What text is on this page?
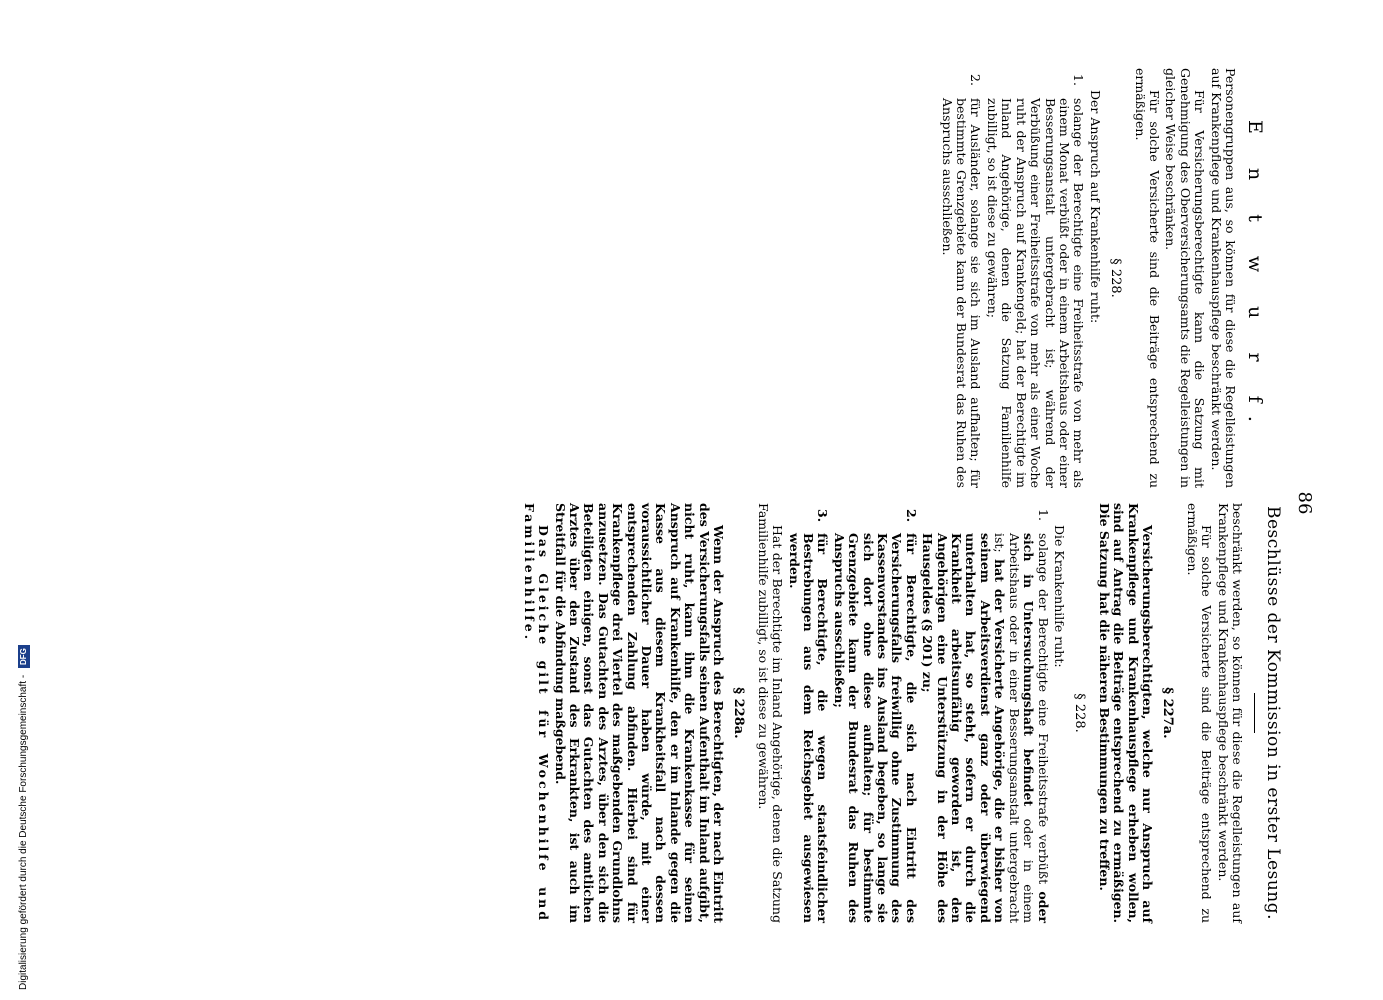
86
E n t w u r f.

Personengruppen aus, so können für diese die Regelleistungen auf Krankenpflege und Krankenhauspflege beschränkt werden.

Für Versicherungsberechtigte kann die Satzung mit Genehmigung des Oberversicherungsamts die Regelleistungen in gleicher Weise beschränken.

Für solche Versicherte sind die Beiträge entsprechend zu ermäßigen.

§ 228.

Der Anspruch auf Krankenhilfe ruht:

1.
solange der Berechtigte eine Freiheitsstrafe von mehr als einem Monat verbüßt oder in einem Arbeitshaus oder einer Besserungsanstalt untergebracht ist; während der Verbüßung einer Freiheitsstrafe von mehr als einer Woche ruht der Anspruch auf Krankengeld; hat der Berechtigte im Inland Angehörige, denen die Satzung Familienhilfe zubilligt, so ist diese zu gewähren;
2.
für Ausländer, solange sie sich im Ausland aufhalten; für bestimmte Grenzgebiete kann der Bundesrat das Ruhen des Anspruchs ausschließen.
Beschlüsse der Kommission in erster Lesung.

beschränkt werden, so können für diese die Regelleistungen auf Krankenpflege und Krankenhauspflege beschränkt werden.

Für solche Versicherte sind die Beiträge entsprechend zu ermäßigen.

§ 227a.

Versicherungsberechtigten, welche nur Anspruch auf Krankenpflege und Krankenhauspflege erheben wollen, sind auf Antrag die Beiträge entsprechend zu ermäßigen. Die Satzung hat die näheren Bestimmungen zu treffen.

§ 228.

Die Krankenhilfe ruht:

1.
solange der Berechtigte eine Freiheitsstrafe verbüßt oder sich in Untersuchungshaft befindet oder in einem Arbeitshaus oder in einer Besserungsanstalt untergebracht ist; hat der Versicherte Angehörige, die er bisher von seinem Arbeitsverdienst ganz oder überwiegend unterhalten hat, so steht, sofern er durch die Krankheit arbeitsunfähig geworden ist, den Angehörigen eine Unterstützung in der Höhe des Hausgeldes (§ 201) zu;
2.
für Berechtigte, die sich nach Eintritt des Versicherungsfalls freiwillig ohne Zustimmung des Kassenvorstandes ins Ausland begeben, so lange sie sich dort ohne diese aufhalten; für bestimmte Grenzgebiete kann der Bundesrat das Ruhen des Anspruchs ausschließen;
3.
für Berechtigte, die wegen staatsfeindlicher Bestrebungen aus dem Reichsgebiet ausgewiesen werden.

Hat der Berechtigte im Inland Angehörige, denen die Satzung Familienhilfe zubilligt, so ist diese zu gewähren.

§ 228a.

Wenn der Anspruch des Berechtigten, der nach Eintritt des Versicherungsfalls seinen Aufenthalt im Inland aufgibt, nicht ruht, kann ihm die Krankenkasse für seinen Anspruch auf Krankenhilfe, den er im Inlande gegen die Kasse aus diesem Krankheitsfall nach dessen voraussichtlicher Dauer haben würde, mit einer entsprechenden Zahlung abfinden. Hierbei sind für Krankenpflege drei Viertel des maßgebenden Grundlohns anzusetzen. Das Gutachten des Arztes, über den sich die Beteiligten einigen, sonst das Gutachten des amtlichen Arztes über den Zustand des Erkrankten, ist auch im Streitfall für die Abfindung maßgebend.

Das Gleiche gilt für Wochenhilfe und Familienhilfe.

Digitalisierung gefördert durch die Deutsche Forschungsgemeinschaft - DFG
